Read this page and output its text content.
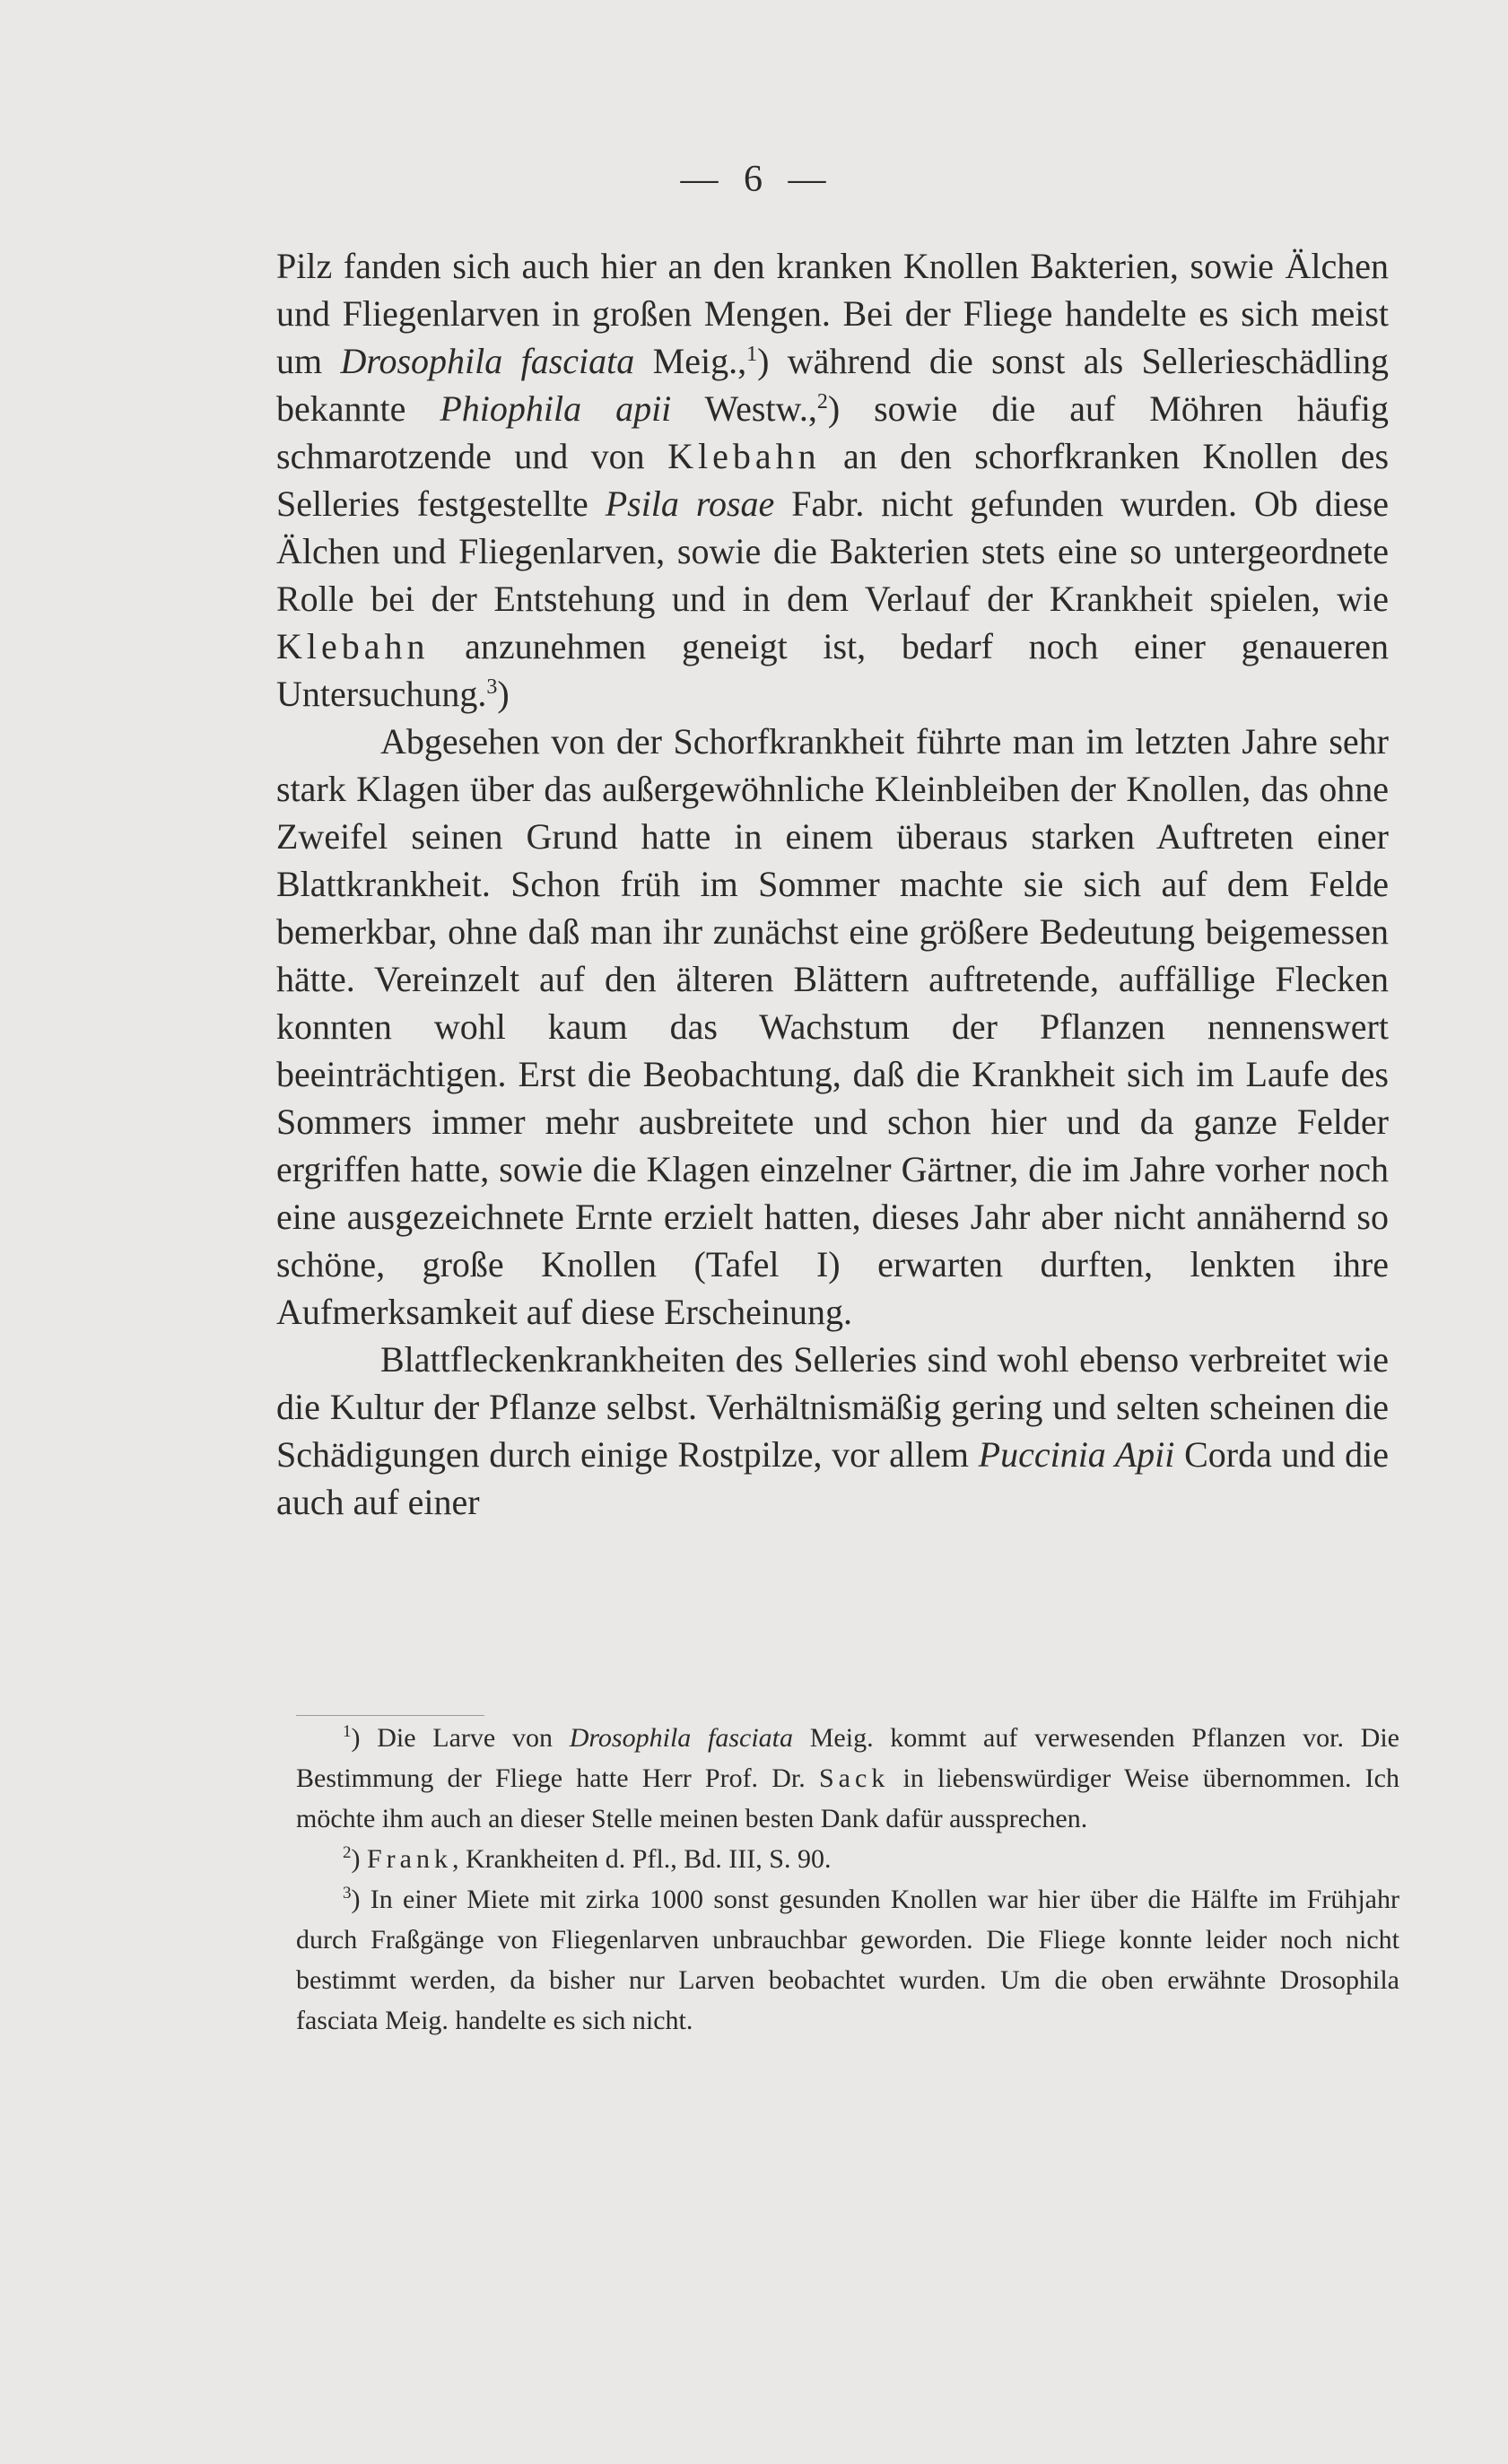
— 6 —

Pilz fanden sich auch hier an den kranken Knollen Bakterien, sowie Älchen und Fliegenlarven in großen Mengen. Bei der Fliege handelte es sich meist um Drosophila fasciata Meig.,$^1$) während die sonst als Sellerieschädling bekannte Phiophila apii Westw.,$^2$) sowie die auf Möhren häufig schmarotzende und von Klebahn an den schorfkranken Knollen des Selleries festgestellte Psila rosae Fabr. nicht gefunden wurden. Ob diese Älchen und Fliegenlarven, sowie die Bakterien stets eine so untergeordnete Rolle bei der Entstehung und in dem Verlauf der Krankheit spielen, wie Klebahn anzunehmen geneigt ist, bedarf noch einer genaueren Untersuchung.$^3$)

Abgesehen von der Schorfkrankheit führte man im letzten Jahre sehr stark Klagen über das außergewöhnliche Kleinbleiben der Knollen, das ohne Zweifel seinen Grund hatte in einem überaus starken Auftreten einer Blattkrankheit. Schon früh im Sommer machte sie sich auf dem Felde bemerkbar, ohne daß man ihr zunächst eine größere Bedeutung beigemessen hätte. Vereinzelt auf den älteren Blättern auftretende, auffällige Flecken konnten wohl kaum das Wachstum der Pflanzen nennenswert beeinträchtigen. Erst die Beobachtung, daß die Krankheit sich im Laufe des Sommers immer mehr ausbreitete und schon hier und da ganze Felder ergriffen hatte, sowie die Klagen einzelner Gärtner, die im Jahre vorher noch eine ausgezeichnete Ernte erzielt hatten, dieses Jahr aber nicht annähernd so schöne, große Knollen (Tafel I) erwarten durften, lenkten ihre Aufmerksamkeit auf diese Erscheinung.

Blattfleckenkrankheiten des Selleries sind wohl ebenso verbreitet wie die Kultur der Pflanze selbst. Verhältnismäßig gering und selten scheinen die Schädigungen durch einige Rostpilze, vor allem Puccinia Apii Corda und die auch auf einer

$^1$) Die Larve von Drosophila fasciata Meig. kommt auf verwesenden Pflanzen vor. Die Bestimmung der Fliege hatte Herr Prof. Dr. Sack in liebenswürdiger Weise übernommen. Ich möchte ihm auch an dieser Stelle meinen besten Dank dafür aussprechen.

$^2$) Frank, Krankheiten d. Pfl., Bd. III, S. 90.

$^3$) In einer Miete mit zirka 1000 sonst gesunden Knollen war hier über die Hälfte im Frühjahr durch Fraßgänge von Fliegenlarven unbrauchbar geworden. Die Fliege konnte leider noch nicht bestimmt werden, da bisher nur Larven beobachtet wurden. Um die oben erwähnte Drosophila fasciata Meig. handelte es sich nicht.
